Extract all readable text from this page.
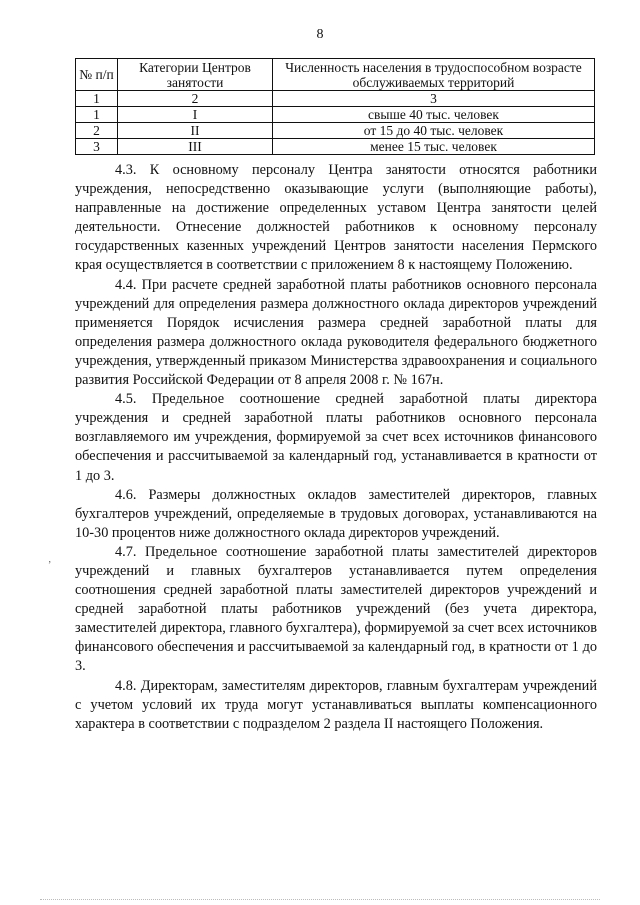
8
№ п/п	Категории Центров занятости	Численность населения в трудоспособном возрасте обслуживаемых территорий
1	2	3
1	I	свыше 40 тыс. человек
2	II	от 15 до 40 тыс. человек
3	III	менее 15 тыс. человек

4.3. К основному персоналу Центра занятости относятся работники учреждения, непосредственно оказывающие услуги (выполняющие работы), направленные на достижение определенных уставом Центра занятости целей деятельности. Отнесение должностей работников к основному персоналу государственных казенных учреждений Центров занятости населения Пермского края осуществляется в соответствии с приложением 8 к настоящему Положению.

4.4. При расчете средней заработной платы работников основного персонала учреждений для определения размера должностного оклада директоров учреждений применяется Порядок исчисления размера средней заработной платы для определения размера должностного оклада руководителя федерального бюджетного учреждения, утвержденный приказом Министерства здравоохранения и социального развития Российской Федерации от 8 апреля 2008 г. № 167н.

4.5. Предельное соотношение средней заработной платы директора учреждения и средней заработной платы работников основного персонала возглавляемого им учреждения, формируемой за счет всех источников финансового обеспечения и рассчитываемой за календарный год, устанавливается в кратности от 1 до 3.

4.6. Размеры должностных окладов заместителей директоров, главных бухгалтеров учреждений, определяемые в трудовых договорах, устанавливаются на 10-30 процентов ниже должностного оклада директоров учреждений.

4.7. Предельное соотношение заработной платы заместителей директоров учреждений и главных бухгалтеров устанавливается путем определения соотношения средней заработной платы заместителей директоров учреждений и средней заработной платы работников учреждений (без учета директора, заместителей директора, главного бухгалтера), формируемой за счет всех источников финансового обеспечения и рассчитываемой за календарный год, в кратности от 1 до 3.

4.8. Директорам, заместителям директоров, главным бухгалтерам учреждений с учетом условий их труда могут устанавливаться выплаты компенсационного характера в соответствии с подразделом 2 раздела II настоящего Положения.

ʼ
